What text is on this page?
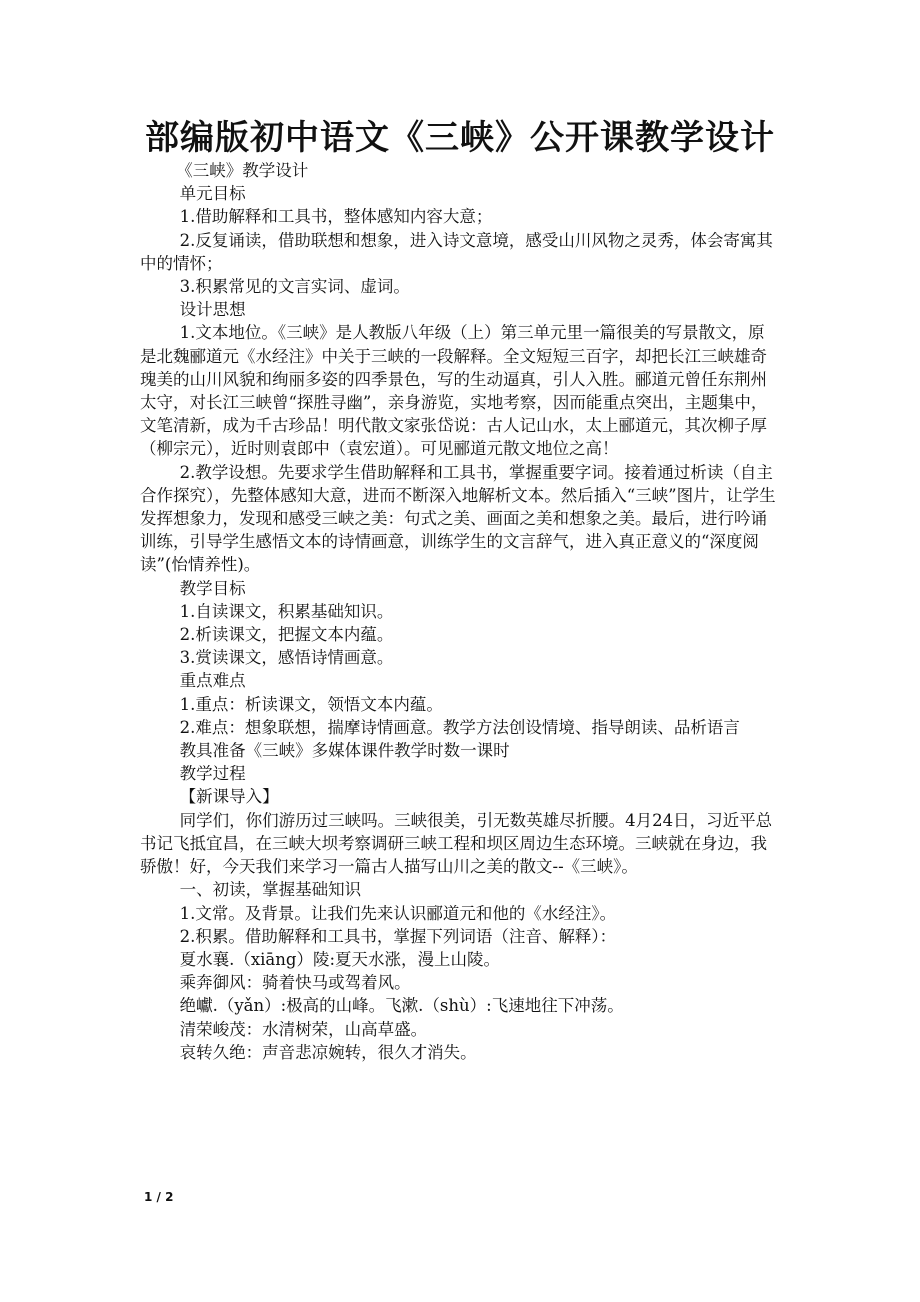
部编版初中语文《三峡》公开课教学设计

《三峡》教学设计

单元目标

1.借助解释和工具书，整体感知内容大意；

2.反复诵读，借助联想和想象，进入诗文意境，感受山川风物之灵秀，体会寄寓其中的情怀；

3.积累常见的文言实词、虚词。

设计思想

1.文本地位。《三峡》是人教版八年级（上）第三单元里一篇很美的写景散文，原是北魏郦道元《水经注》中关于三峡的一段解释。全文短短三百字，却把长江三峡雄奇瑰美的山川风貌和绚丽多姿的四季景色，写的生动逼真，引人入胜。郦道元曾任东荆州太守，对长江三峡曾“探胜寻幽”，亲身游览，实地考察，因而能重点突出，主题集中，文笔清新，成为千古珍品！明代散文家张岱说：古人记山水，太上郦道元，其次柳子厚（柳宗元），近时则袁郎中（袁宏道）。可见郦道元散文地位之高！

2.教学设想。先要求学生借助解释和工具书，掌握重要字词。接着通过析读（自主合作探究），先整体感知大意，进而不断深入地解析文本。然后插入“三峡”图片，让学生发挥想象力，发现和感受三峡之美：句式之美、画面之美和想象之美。最后，进行吟诵训练，引导学生感悟文本的诗情画意，训练学生的文言辞气，进入真正意义的“深度阅读”(怡情养性)。

教学目标

1.自读课文，积累基础知识。

2.析读课文，把握文本内蕴。

3.赏读课文，感悟诗情画意。

重点难点

1.重点：析读课文，领悟文本内蕴。

2.难点：想象联想，揣摩诗情画意。教学方法创设情境、指导朗读、品析语言

教具准备《三峡》多媒体课件教学时数一课时

教学过程

【新课导入】

同学们，你们游历过三峡吗。三峡很美，引无数英雄尽折腰。4月24日，习近平总书记飞抵宜昌，在三峡大坝考察调研三峡工程和坝区周边生态环境。三峡就在身边，我骄傲！好，今天我们来学习一篇古人描写山川之美的散文--《三峡》。

一、初读，掌握基础知识

1.文常。及背景。让我们先来认识郦道元和他的《水经注》。

2.积累。借助解释和工具书，掌握下列词语（注音、解释）：

夏水襄.（xiāng）陵:夏天水涨，漫上山陵。

乘奔御风：骑着快马或驾着风。

绝巘.（yǎn）:极高的山峰。飞漱.（shù）:飞速地往下冲荡。

清荣峻茂：水清树荣，山高草盛。

哀转久绝：声音悲凉婉转，很久才消失。

1 / 2
